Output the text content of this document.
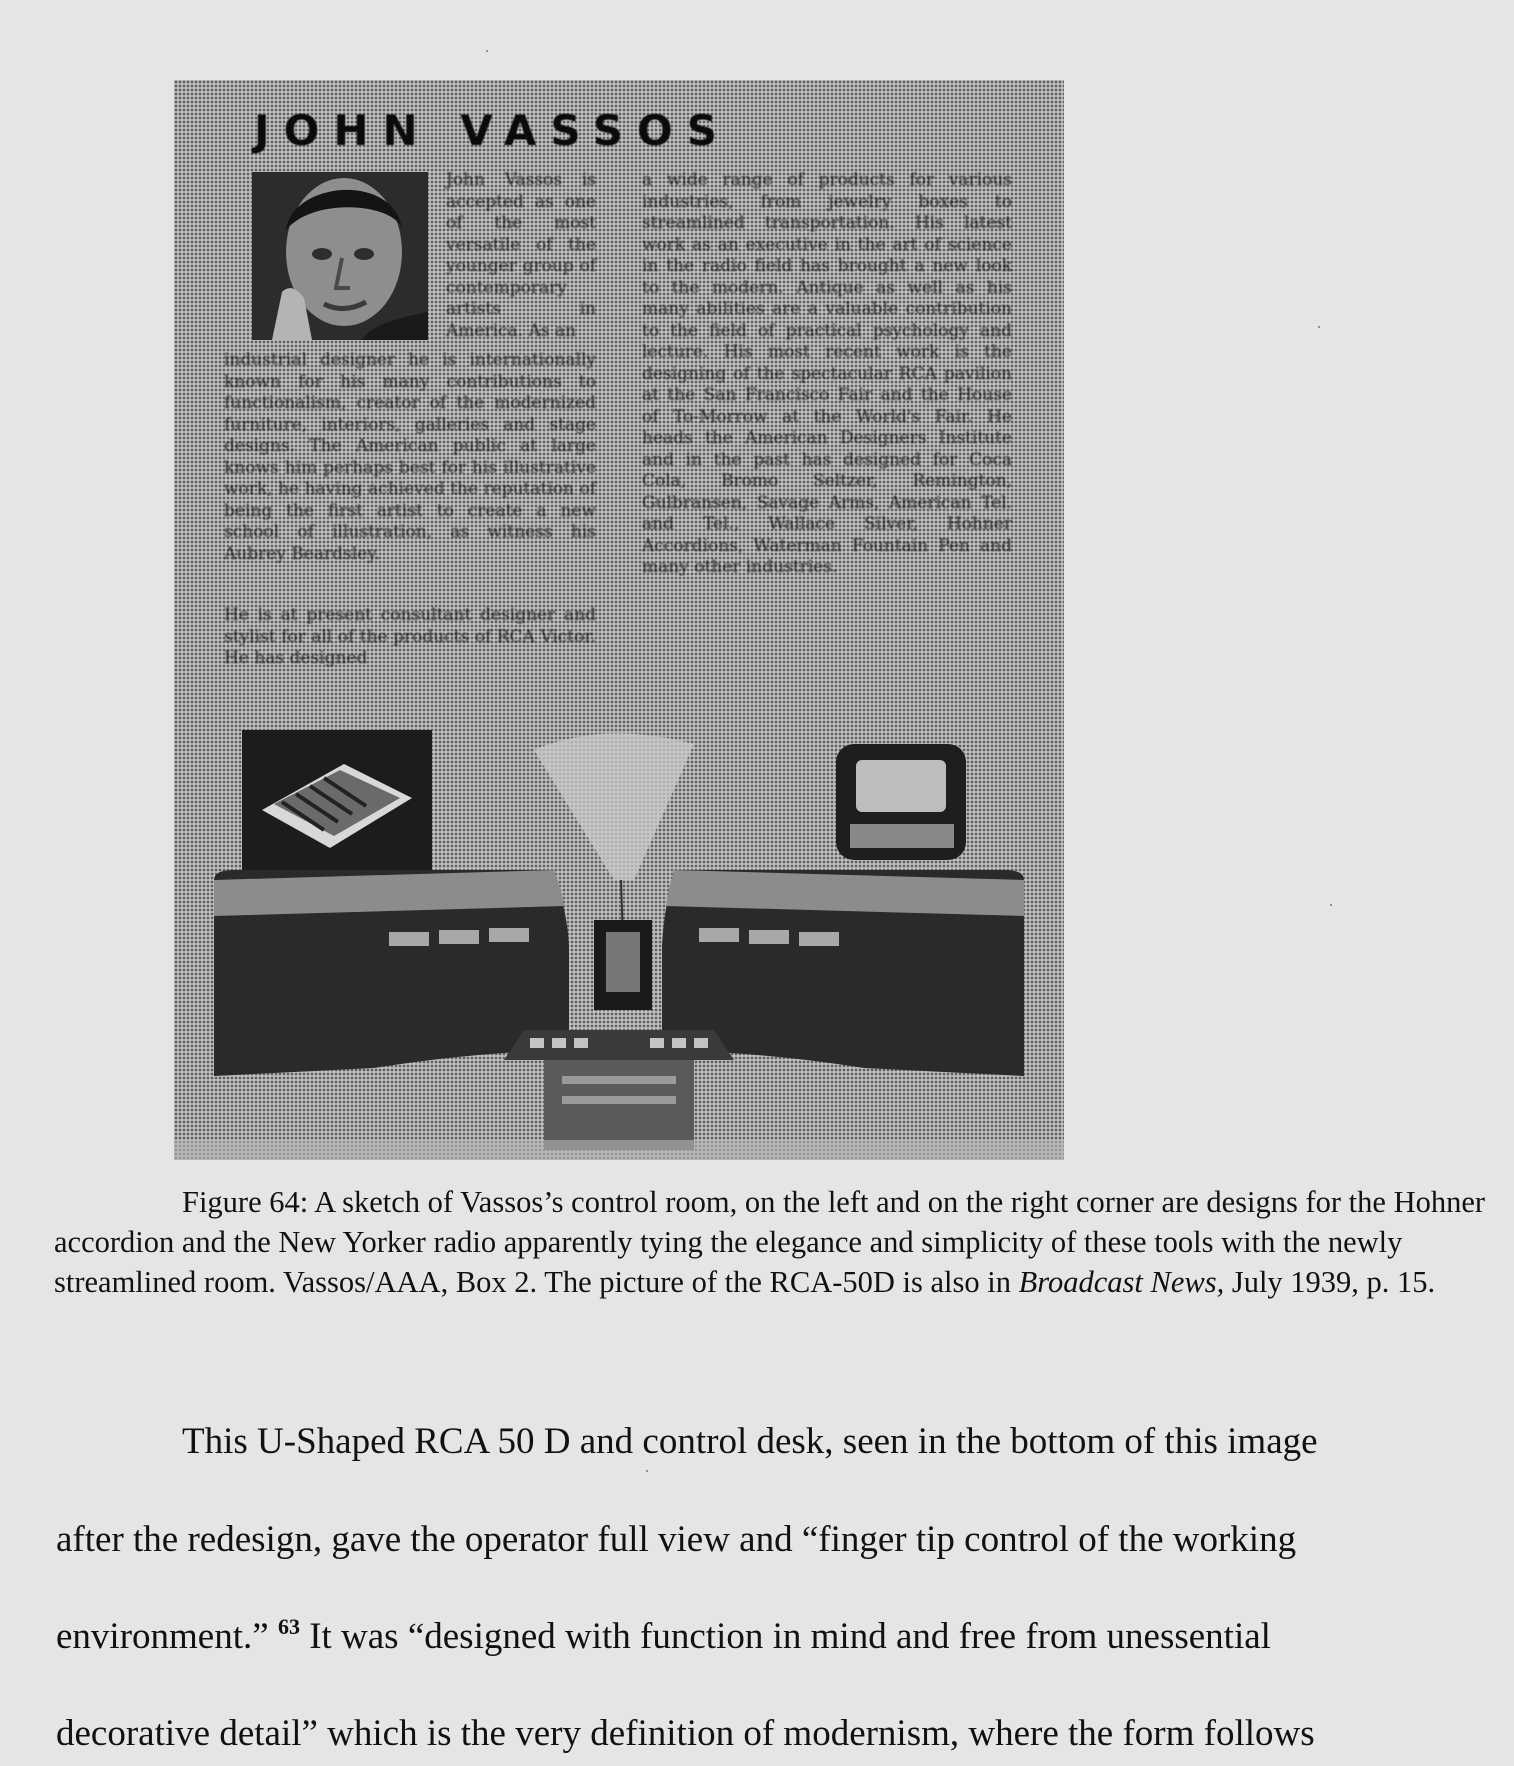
JOHN VASSOS

John Vassos is accepted as one of the most versatile of the younger group of contemporary artists in America. As an

industrial designer he is internationally known for his many contributions to functionalism, creator of the modernized furniture, interiors, galleries and stage designs. The American public at large knows him perhaps best for his illustrative work, he having achieved the reputation of being the first artist to create a new school of illustration, as witness his Aubrey Beardsley.

He is at present consultant designer and stylist for all of the products of RCA Victor. He has designed

a wide range of products for various industries, from jewelry boxes to streamlined transportation. His latest work as an executive in the art of science in the radio field has brought a new look to the modern. Antique as well as his many abilities are a valuable contribution to the field of practical psychology and lecture. His most recent work is the designing of the spectacular RCA pavilion at the San Francisco Fair and the House of To-Morrow at the World's Fair. He heads the American Designers Institute and in the past has designed for Coca Cola, Bromo Seltzer, Remington, Gulbransen, Savage Arms, American Tel. and Tel., Wallace Silver, Hohner Accordions, Waterman Fountain Pen and many other industries.

Figure 64: A sketch of Vassos’s control room, on the left and on the right corner are designs for the Hohner accordion and the New Yorker radio apparently tying the elegance and simplicity of these tools with the newly streamlined room. Vassos/AAA, Box 2. The picture of the RCA-50D is also in Broadcast News, July 1939, p. 15.

This U-Shaped RCA 50 D and control desk, seen in the bottom of this image

after the redesign, gave the operator full view and “finger tip control of the working

environment.” $^{63}$ It was “designed with function in mind and free from unessential

decorative detail” which is the very definition of modernism, where the form follows
